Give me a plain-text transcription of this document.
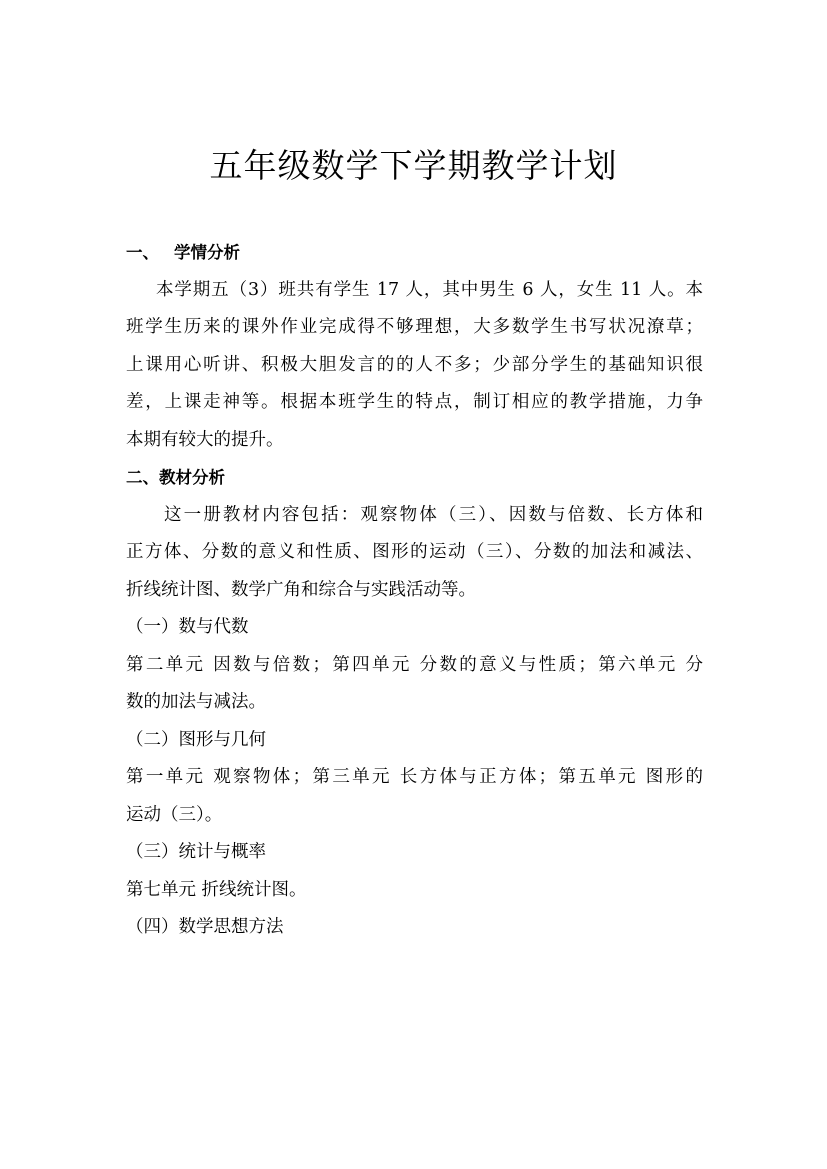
五年级数学下学期教学计划
一、 学情分析
本学期五（3）班共有学生 17 人，其中男生 6 人，女生 11 人。本
班学生历来的课外作业完成得不够理想，大多数学生书写状况潦草；
上课用心听讲、积极大胆发言的的人不多；少部分学生的基础知识很
差，上课走神等。根据本班学生的特点，制订相应的教学措施，力争
本期有较大的提升。
二、教材分析
这一册教材内容包括：观察物体（三）、因数与倍数、长方体和
正方体、分数的意义和性质、图形的运动（三）、分数的加法和减法、
折线统计图、数学广角和综合与实践活动等。
（一）数与代数
第二单元 因数与倍数；第四单元 分数的意义与性质；第六单元 分
数的加法与减法。
（二）图形与几何
第一单元 观察物体；第三单元 长方体与正方体；第五单元 图形的
运动（三）。
（三）统计与概率
第七单元 折线统计图。
（四）数学思想方法
